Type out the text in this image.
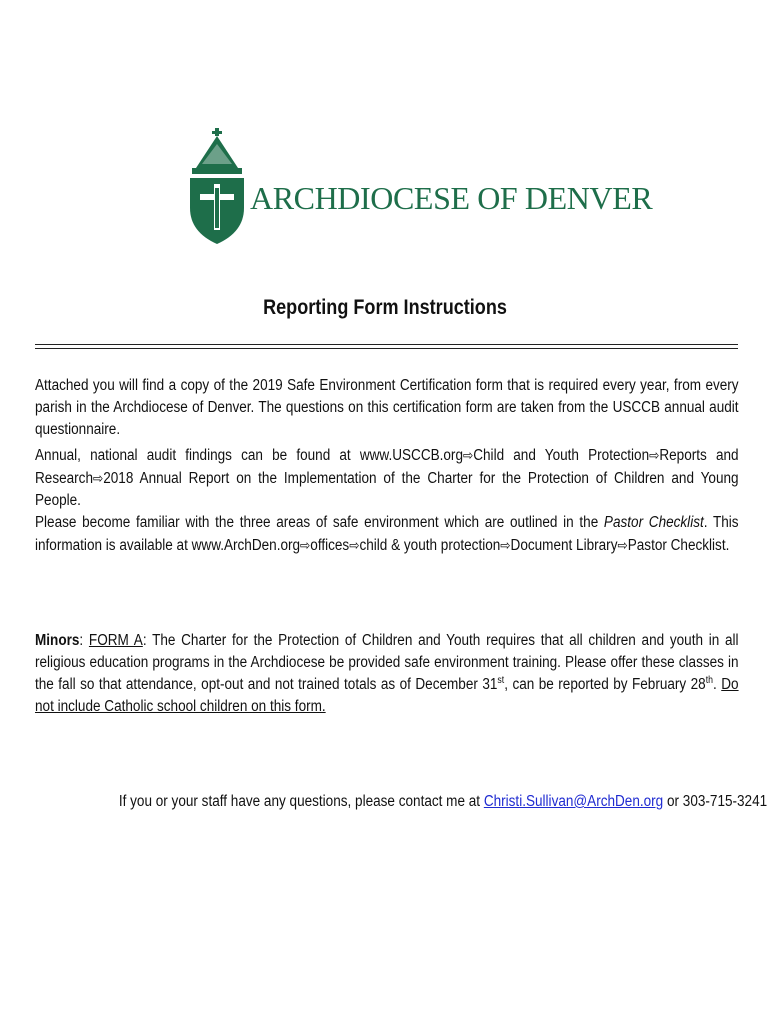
ARCHDIOCESE OF DENVER
Reporting Form Instructions

Attached you will find a copy of the 2019 Safe Environment Certification form that is required every year, from every parish in the Archdiocese of Denver. The questions on this certification form are taken from the USCCB annual audit questionnaire.

Annual, national audit findings can be found at www.USCCB.org⇨Child and Youth Protection⇨Reports and Research⇨2018 Annual Report on the Implementation of the Charter for the Protection of Children and Young People.

Please become familiar with the three areas of safe environment which are outlined in the Pastor Checklist. This information is available at www.ArchDen.org⇨offices⇨child & youth protection⇨Document Library⇨Pastor Checklist.

Minors: FORM A: The Charter for the Protection of Children and Youth requires that all children and youth in all religious education programs in the Archdiocese be provided safe environment training. Please offer these classes in the fall so that attendance, opt-out and not trained totals as of December 31st, can be reported by February 28th. Do not include Catholic school children on this form.

If you or your staff have any questions, please contact me at Christi.Sullivan@ArchDen.org or 303-715-3241
